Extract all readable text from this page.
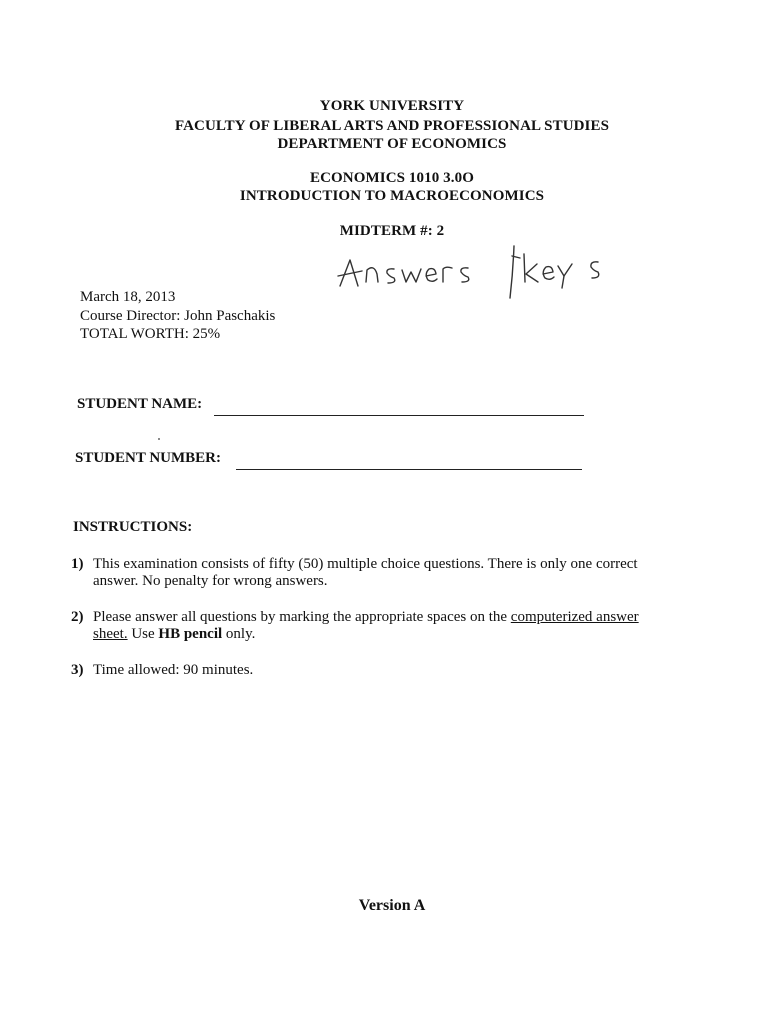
YORK UNIVERSITY
FACULTY OF LIBERAL ARTS AND PROFESSIONAL STUDIES
DEPARTMENT OF ECONOMICS
ECONOMICS 1010 3.0O
INTRODUCTION TO MACROECONOMICS
MIDTERM #: 2
March 18, 2013
Course Director: John Paschakis
TOTAL WORTH: 25%
STUDENT NAME:
STUDENT NUMBER:
INSTRUCTIONS:
1) This examination consists of fifty (50) multiple choice questions. There is only one correct answer. No penalty for wrong answers.
2) Please answer all questions by marking the appropriate spaces on the computerized answer sheet. Use HB pencil only.
3) Time allowed: 90 minutes.
Version A
